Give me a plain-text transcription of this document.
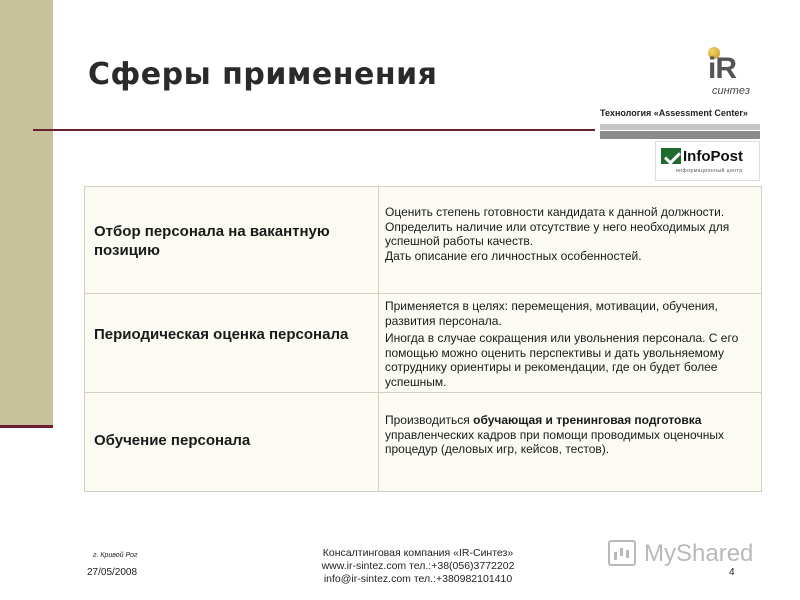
Сферы применения	iR
синтез
Технология «Assessment Center»
InfoPost
информационный центр
Отбор персонала на вакантную позицию

Оценить степень готовности кандидата к данной должности.

Определить наличие или отсутствие у него необходимых для успешной работы качеств.

Дать описание его личностных особенностей.

Периодическая оценка персонала

Применяется в целях: перемещения, мотивации, обучения, развития персонала.

Иногда в случае сокращения или увольнения персонала. С его помощью можно оценить перспективы и дать увольняемому сотруднику ориентиры и рекомендации, где он будет более успешным.

Обучение персонала

Производиться обучающая и тренинговая подготовка управленческих кадров при помощи проводимых оценочных процедур (деловых игр, кейсов, тестов).

г. Кривой Рог
27/05/2008
Консалтинговая компания «IR-Синтез»
www.ir-sintez.com тел.:+38(056)3772202
info@ir-sintez.com тел.:+380982101410
4
MyShared
